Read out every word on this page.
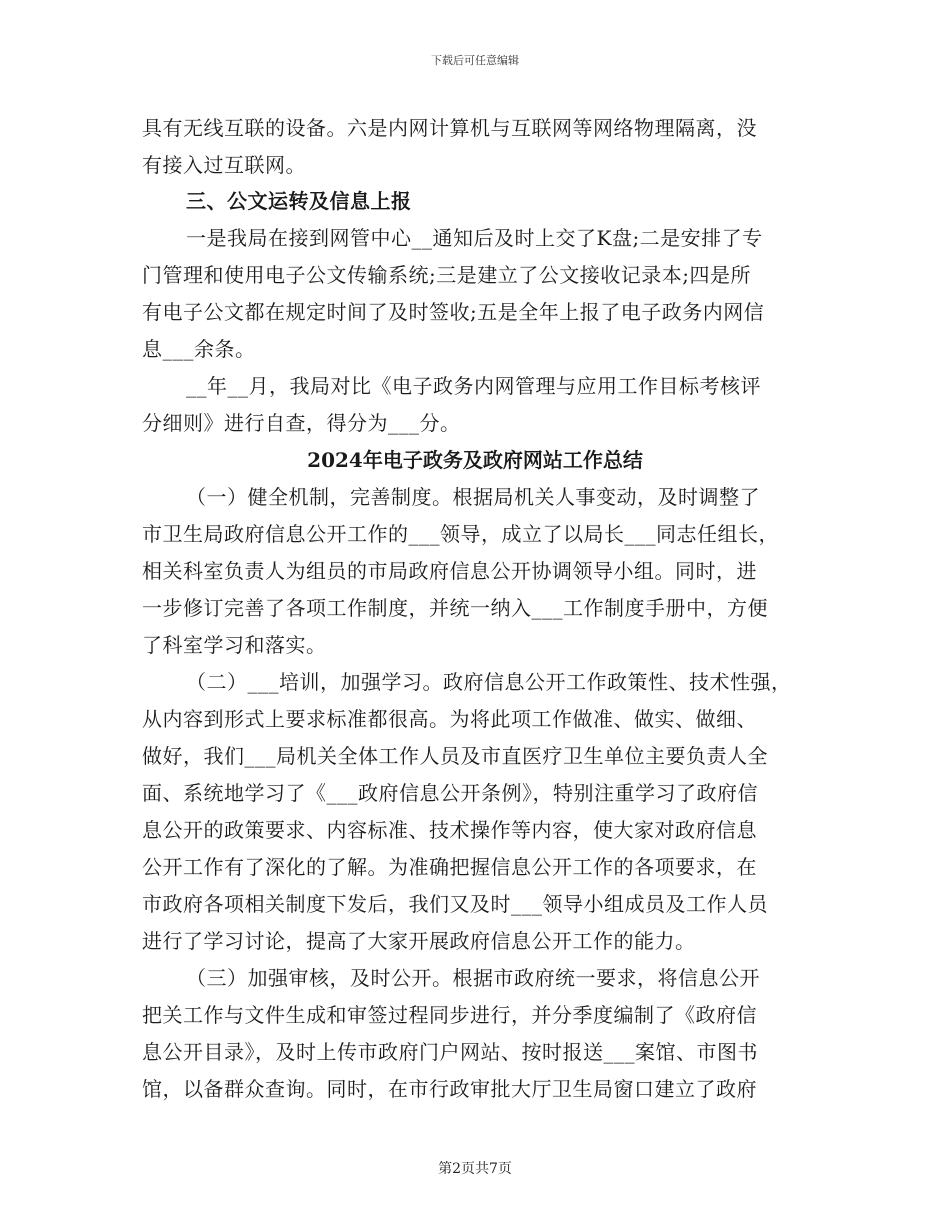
下载后可任意编辑
具有无线互联的设备。六是内网计算机与互联网等网络物理隔离，没
有接入过互联网。
三、公文运转及信息上报
一是我局在接到网管中心__通知后及时上交了K盘;二是安排了专
门管理和使用电子公文传输系统;三是建立了公文接收记录本;四是所
有电子公文都在规定时间了及时签收;五是全年上报了电子政务内网信
息___余条。
__年__月，我局对比《电子政务内网管理与应用工作目标考核评
分细则》进行自查，得分为___分。
2024年电子政务及政府网站工作总结
（一）健全机制，完善制度。根据局机关人事变动，及时调整了
市卫生局政府信息公开工作的___领导，成立了以局长___同志任组长，
相关科室负责人为组员的市局政府信息公开协调领导小组。同时，进
一步修订完善了各项工作制度，并统一纳入___工作制度手册中，方便
了科室学习和落实。
（二）___培训，加强学习。政府信息公开工作政策性、技术性强，
从内容到形式上要求标准都很高。为将此项工作做准、做实、做细、
做好，我们___局机关全体工作人员及市直医疗卫生单位主要负责人全
面、系统地学习了《___政府信息公开条例》，特别注重学习了政府信
息公开的政策要求、内容标准、技术操作等内容，使大家对政府信息
公开工作有了深化的了解。为准确把握信息公开工作的各项要求，在
市政府各项相关制度下发后，我们又及时___领导小组成员及工作人员
进行了学习讨论，提高了大家开展政府信息公开工作的能力。
（三）加强审核，及时公开。根据市政府统一要求，将信息公开
把关工作与文件生成和审签过程同步进行，并分季度编制了《政府信
息公开目录》，及时上传市政府门户网站、按时报送___案馆、市图书
馆，以备群众查询。同时，在市行政审批大厅卫生局窗口建立了政府
第2页共7页
